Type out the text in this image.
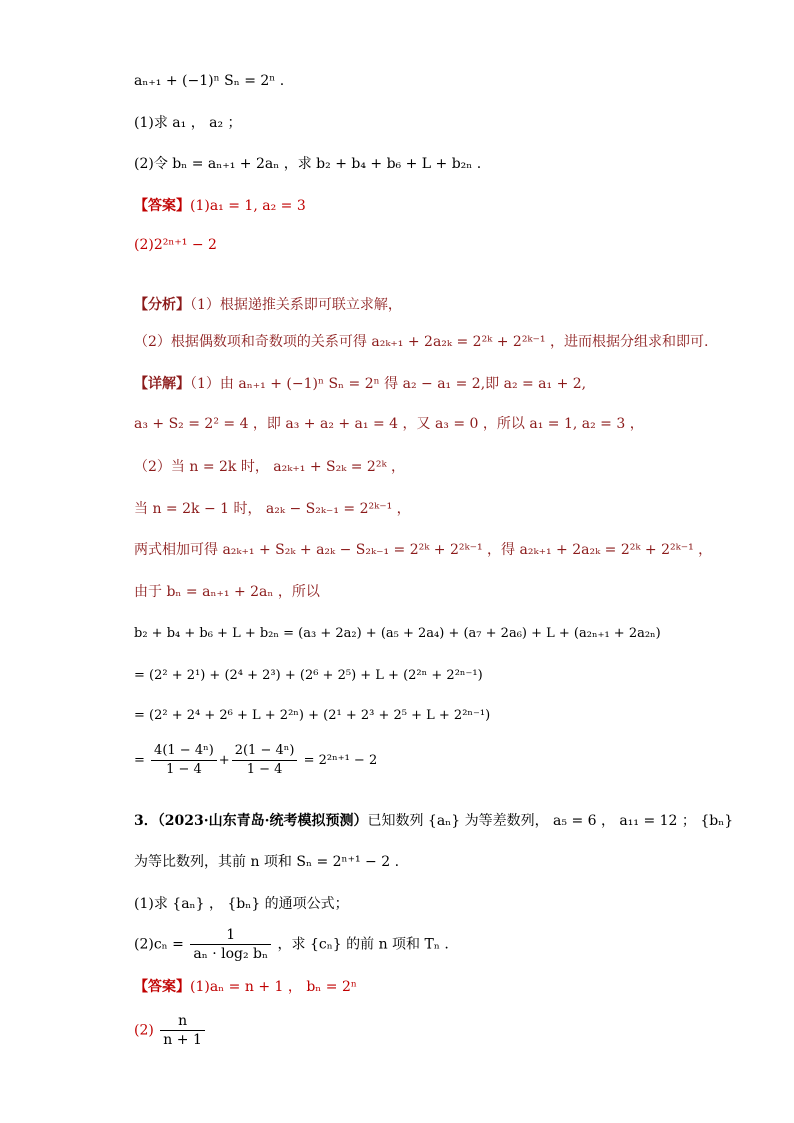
aₙ₊₁ + (−1)ⁿ Sₙ = 2ⁿ .
(1)求 a₁ ， a₂ ；
(2)令 bₙ = aₙ₊₁ + 2aₙ ，求 b₂ + b₄ + b₆ + L + b₂ₙ .
【答案】(1)a₁ = 1, a₂ = 3
(2)2²ⁿ⁺¹ − 2
【分析】（1）根据递推关系即可联立求解，
（2）根据偶数项和奇数项的关系可得 a₂ₖ₊₁ + 2a₂ₖ = 2²ᵏ + 2²ᵏ⁻¹ ，进而根据分组求和即可.
【详解】（1）由 aₙ₊₁ + (−1)ⁿ Sₙ = 2ⁿ 得 a₂ − a₁ = 2,即 a₂ = a₁ + 2,
a₃ + S₂ = 2² = 4 ，即 a₃ + a₂ + a₁ = 4 ，又 a₃ = 0 ，所以 a₁ = 1, a₂ = 3 ，
（2）当 n = 2k 时， a₂ₖ₊₁ + S₂ₖ = 2²ᵏ ，
当 n = 2k − 1 时， a₂ₖ − S₂ₖ₋₁ = 2²ᵏ⁻¹ ，
两式相加可得 a₂ₖ₊₁ + S₂ₖ + a₂ₖ − S₂ₖ₋₁ = 2²ᵏ + 2²ᵏ⁻¹ ，得 a₂ₖ₊₁ + 2a₂ₖ = 2²ᵏ + 2²ᵏ⁻¹ ，
由于 bₙ = aₙ₊₁ + 2aₙ ，所以
b₂ + b₄ + b₆ + L + b₂ₙ = (a₃ + 2a₂) + (a₅ + 2a₄) + (a₇ + 2a₆) + L + (a₂ₙ₊₁ + 2a₂ₙ)
= (2² + 2¹) + (2⁴ + 2³) + (2⁶ + 2⁵) + L + (2²ⁿ + 2²ⁿ⁻¹)
= (2² + 2⁴ + 2⁶ + L + 2²ⁿ) + (2¹ + 2³ + 2⁵ + L + 2²ⁿ⁻¹)
= $\frac{\text{4(1 − 4ⁿ)}}{1 - 4} + \frac{\text{2(1 − 4ⁿ)}}{1 - 4} = 2^{2n+1} - 2$
3．（2023·山东青岛·统考模拟预测）已知数列 {aₙ} 为等差数列， a₅ = 6 ， a₁₁ = 12 ； {bₙ}
为等比数列，其前 n 项和 Sₙ = 2ⁿ⁺¹ − 2 .
(1)求 {aₙ} ， {bₙ} 的通项公式；
$(2)c_n = \frac{1}{\text{aₙ · log₂ bₙ}}$ ，求 {cₙ} 的前 n 项和 Tₙ .
【答案】(1)aₙ = n + 1 ， bₙ = 2ⁿ
$(2) \frac{n}{n + 1}$
